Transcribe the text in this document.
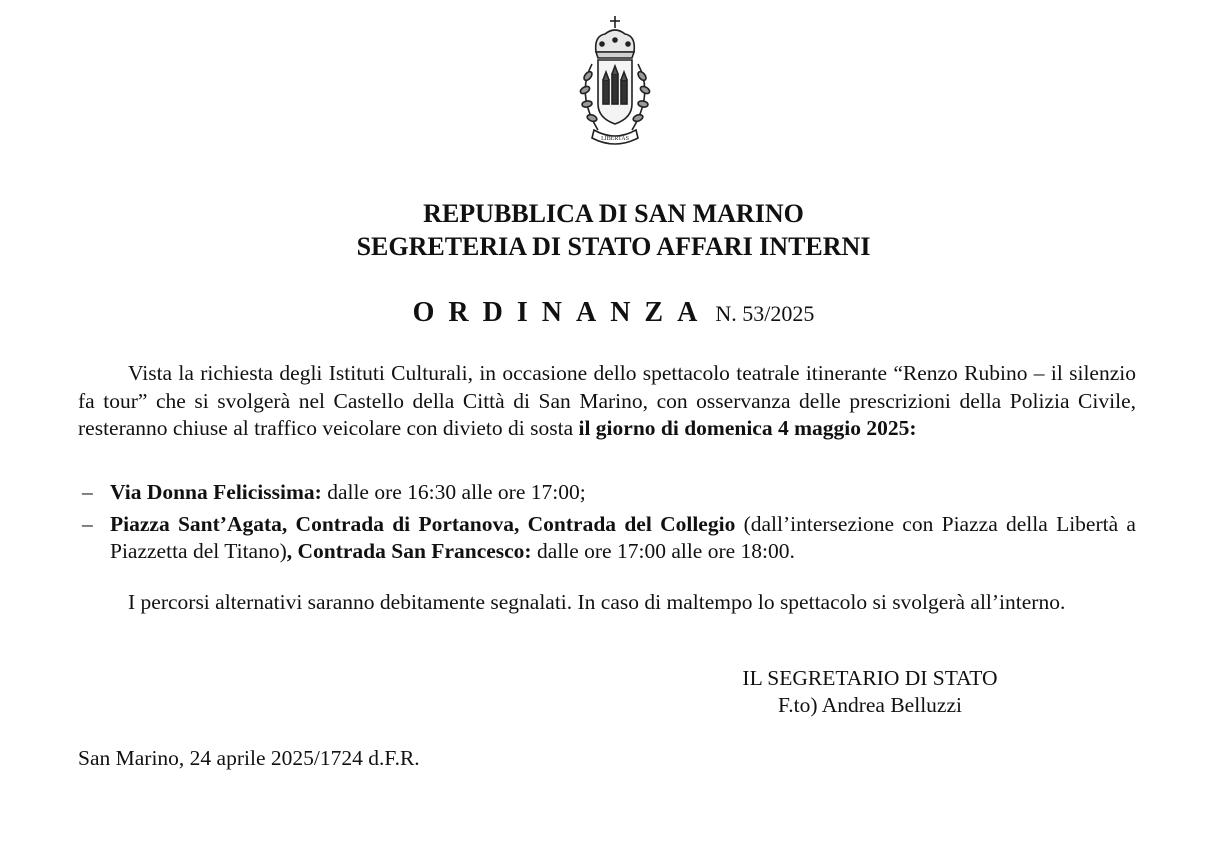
LIBERTAS
REPUBBLICA DI SAN MARINO
SEGRETERIA DI STATO AFFARI INTERNI
ORDINANZA N. 53/2025
Vista la richiesta degli Istituti Culturali, in occasione dello spettacolo teatrale itinerante “Renzo Rubino – il silenzio fa tour” che si svolgerà nel Castello della Città di San Marino, con osservanza delle prescrizioni della Polizia Civile, resteranno chiuse al traffico veicolare con divieto di sosta il giorno di domenica 4 maggio 2025:
– Via Donna Felicissima: dalle ore 16:30 alle ore 17:00;
– Piazza Sant’Agata, Contrada di Portanova, Contrada del Collegio (dall’intersezione con Piazza della Libertà a Piazzetta del Titano), Contrada San Francesco: dalle ore 17:00 alle ore 18:00.
I percorsi alternativi saranno debitamente segnalati. In caso di maltempo lo spettacolo si svolgerà all’interno.
IL SEGRETARIO DI STATO
F.to) Andrea Belluzzi
San Marino, 24 aprile 2025/1724 d.F.R.
